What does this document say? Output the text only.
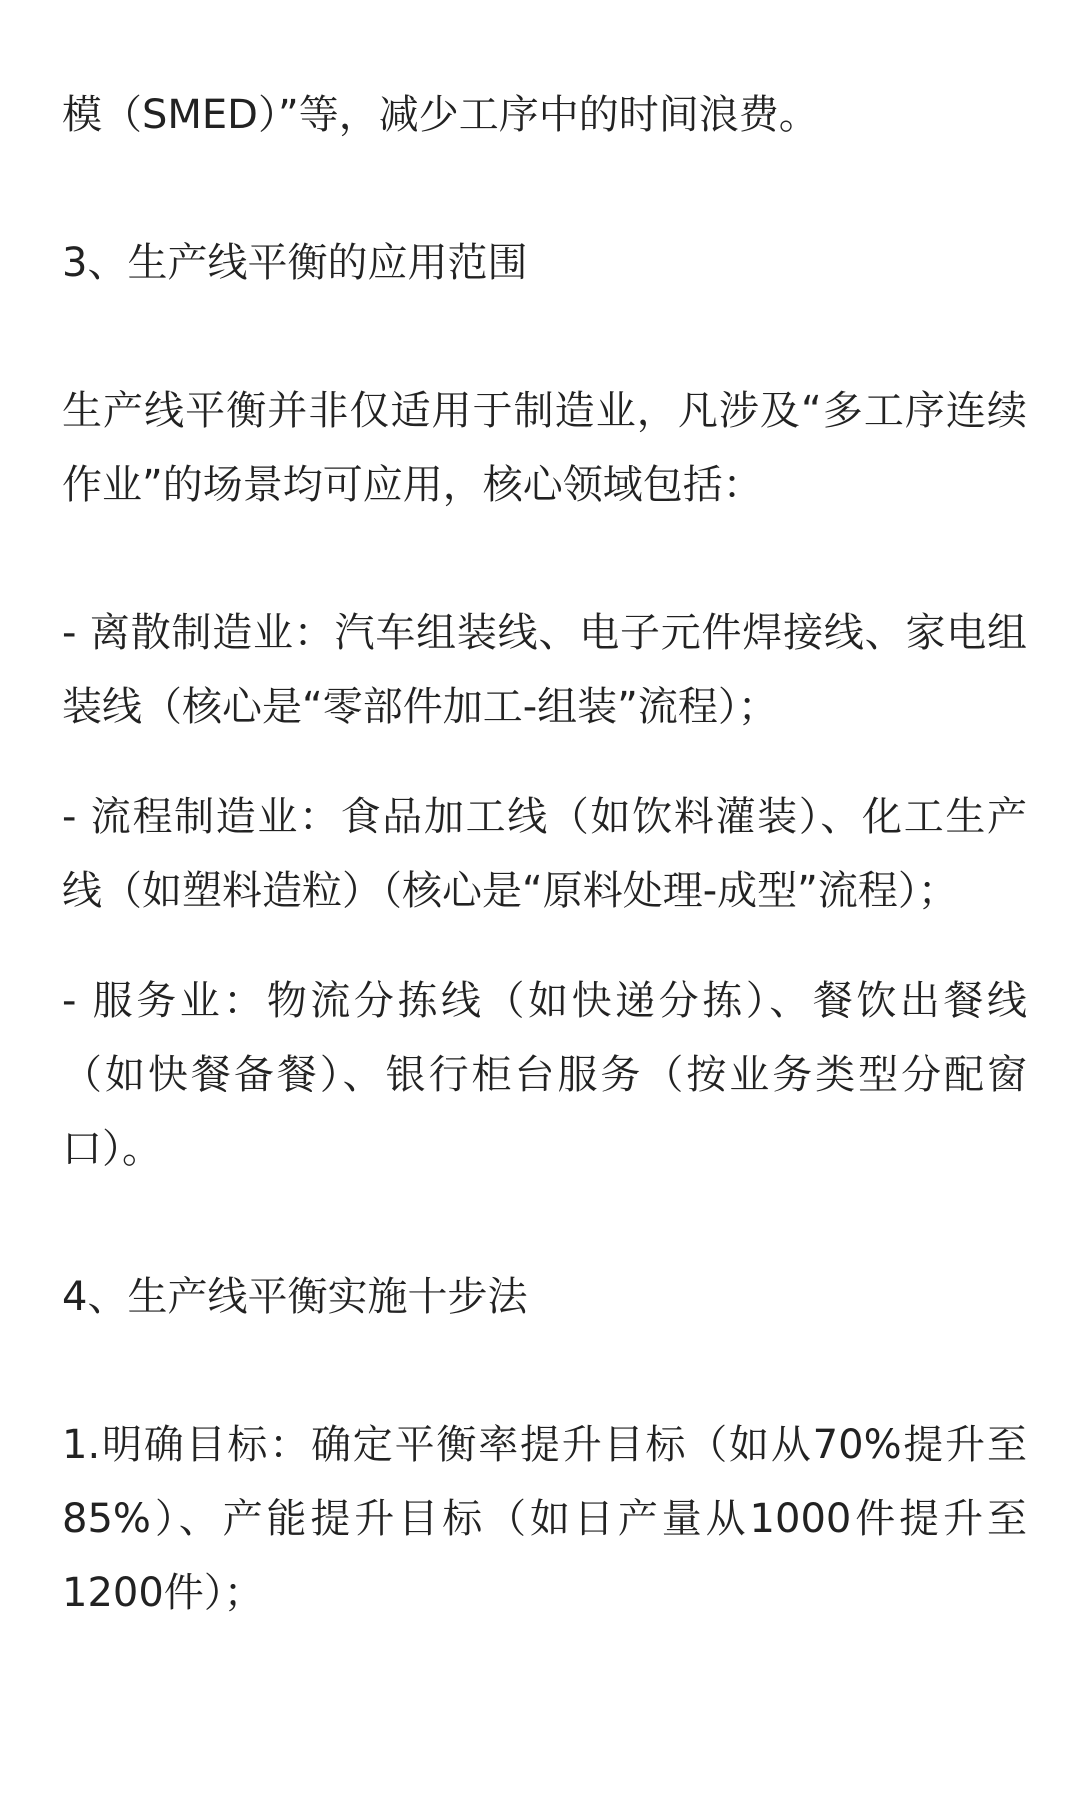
模（SMED）”等，减少工序中的时间浪费。

3、生产线平衡的应用范围

生产线平衡并非仅适用于制造业，凡涉及“多工序连续作业”的场景均可应用，核心领域包括：

- 离散制造业：汽车组装线、电子元件焊接线、家电组装线（核心是“零部件加工-组装”流程）；

- 流程制造业：食品加工线（如饮料灌装）、化工生产线（如塑料造粒）（核心是“原料处理-成型”流程）；

- 服务业：物流分拣线（如快递分拣）、餐饮出餐线（如快餐备餐）、银行柜台服务（按业务类型分配窗口）。

4、生产线平衡实施十步法

1.明确目标：确定平衡率提升目标（如从70%提升至85%）、产能提升目标（如日产量从1000件提升至1200件）；
